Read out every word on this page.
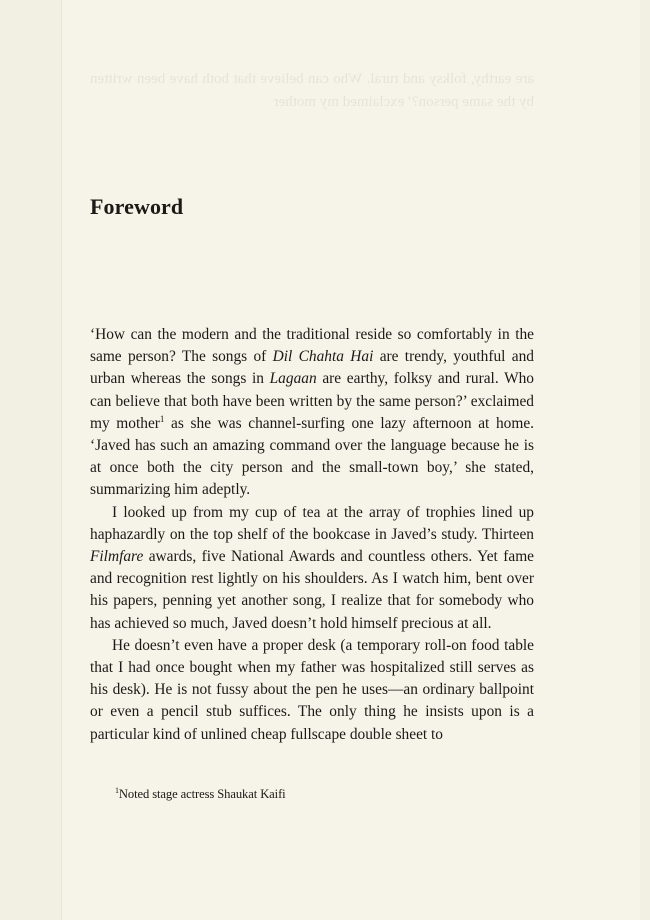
Foreword

‘How can the modern and the traditional reside so comfortably in the same person? The songs of Dil Chahta Hai are trendy, youthful and urban whereas the songs in Lagaan are earthy, folksy and rural. Who can believe that both have been written by the same person?’ exclaimed my mother$^1$ as she was channel-surfing one lazy afternoon at home. ‘Javed has such an amazing command over the language because he is at once both the city person and the small-town boy,’ she stated, summarizing him adeptly.

I looked up from my cup of tea at the array of trophies lined up haphazardly on the top shelf of the bookcase in Javed’s study. Thirteen Filmfare awards, five National Awards and countless others. Yet fame and recognition rest lightly on his shoulders. As I watch him, bent over his papers, penning yet another song, I realize that for somebody who has achieved so much, Javed doesn’t hold himself precious at all.

He doesn’t even have a proper desk (a temporary roll-on food table that I had once bought when my father was hospitalized still serves as his desk). He is not fussy about the pen he uses—an ordinary ballpoint or even a pencil stub suffices. The only thing he insists upon is a particular kind of unlined cheap fullscape double sheet to

$^1$Noted stage actress Shaukat Kaifi
